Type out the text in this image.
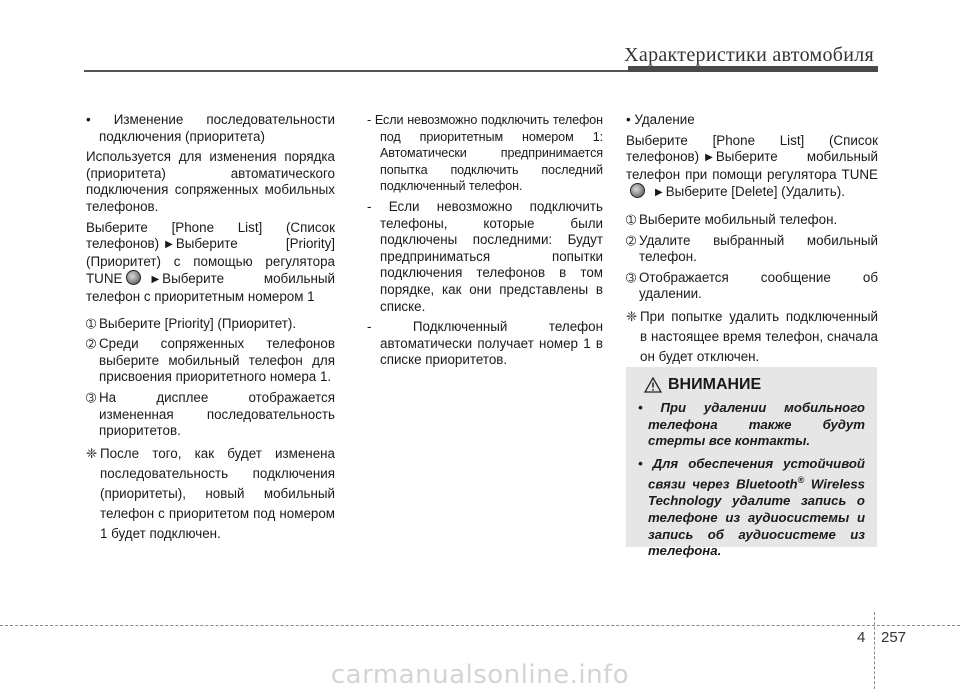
Характеристики автомобиля
• Изменение последовательности подключения (приоритета)
Используется для изменения порядка (приоритета) автоматического подключения сопряженных мобильных телефонов.
Выберите [Phone List] (Список телефонов) ▶ Выберите [Priority] (Приоритет) с помощью регулятора TUNE	▶ Выберите мобильный телефон с приоритетным номером 1
➀ Выберите [Priority] (Приоритет).
➁ Среди сопряженных телефонов выберите мобильный телефон для присвоения приоритетного номера 1.
➂ На дисплее отображается измененная последовательность приоритетов.
❈ После того, как будет изменена последовательность подключения (приоритеты), новый мобильный телефон с приоритетом под номером 1 будет подключен.
- Если невозможно подключить телефон под приоритетным номером 1: Автоматически предпринимается попытка подключить последний подключенный телефон.
- Если невозможно подключить телефоны, которые были подключены последними: Будут предприниматься попытки подключения телефонов в том порядке, как они представлены в списке.
- Подключенный телефон автоматически получает номер 1 в списке приоритетов.
• Удаление
Выберите [Phone List] (Список телефонов) ▶ Выберите мобильный телефон при помощи регулятора TUNE▶ Выберите [Delete] (Удалить).
➀ Выберите мобильный телефон.
➁ Удалите выбранный мобильный телефон.
➂ Отображается сообщение об удалении.
❈ При попытке удалить подключенный в настоящее время телефон, сначала он будет отключен.
ВНИМАНИЕ
• При удалении мобильного телефона также будут стерты все контакты.
• Для обеспечения устойчивой связи через Bluetooth® Wireless Technology удалите запись о телефоне из аудиосистемы и запись об аудиосистеме из телефона.
4 257
carmanualsonline.info
